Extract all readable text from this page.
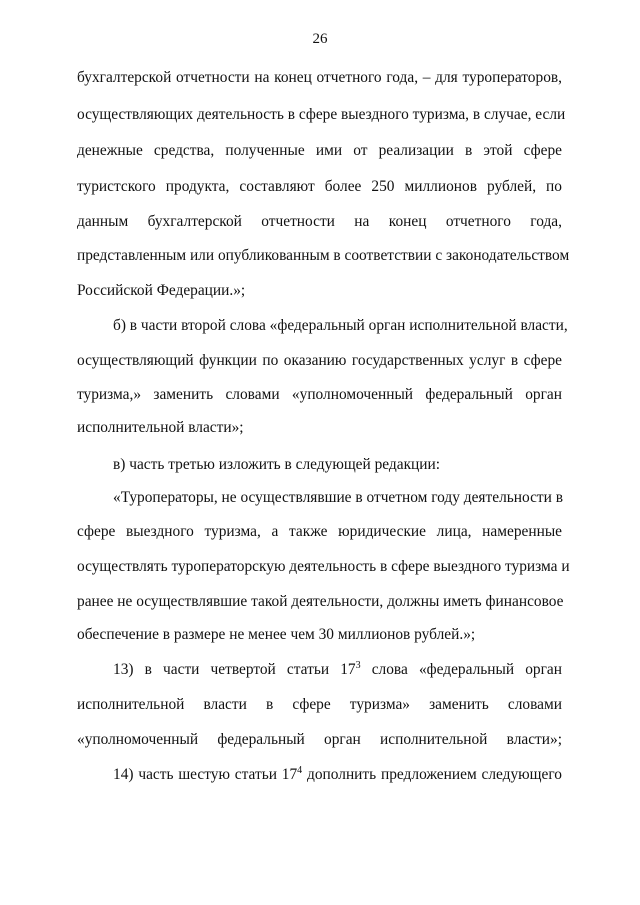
26
бухгалтерской отчетности на конец отчетного года, – для туроператоров,
осуществляющих деятельность в сфере выездного туризма, в случае, если
денежные средства, полученные ими от реализации в этой сфере
туристского продукта, составляют более 250 миллионов рублей, по
данным бухгалтерской отчетности на конец отчетного года,
представленным или опубликованным в соответствии с законодательством
Российской Федерации.»;
б) в части второй слова «федеральный орган исполнительной власти,
осуществляющий функции по оказанию государственных услуг в сфере
туризма,» заменить словами «уполномоченный федеральный орган
исполнительной власти»;
в) часть третью изложить в следующей редакции:
«Туроператоры, не осуществлявшие в отчетном году деятельности в
сфере выездного туризма, а также юридические лица, намеренные
осуществлять туроператорскую деятельность в сфере выездного туризма и
ранее не осуществлявшие такой деятельности, должны иметь финансовое
обеспечение в размере не менее чем 30 миллионов рублей.»;
13) в части четвертой статьи $17^3$ слова «федеральный орган
исполнительной власти в сфере туризма» заменить словами
«уполномоченный федеральный орган исполнительной власти»;
14) часть шестую статьи $17^4$ дополнить предложением следующего
